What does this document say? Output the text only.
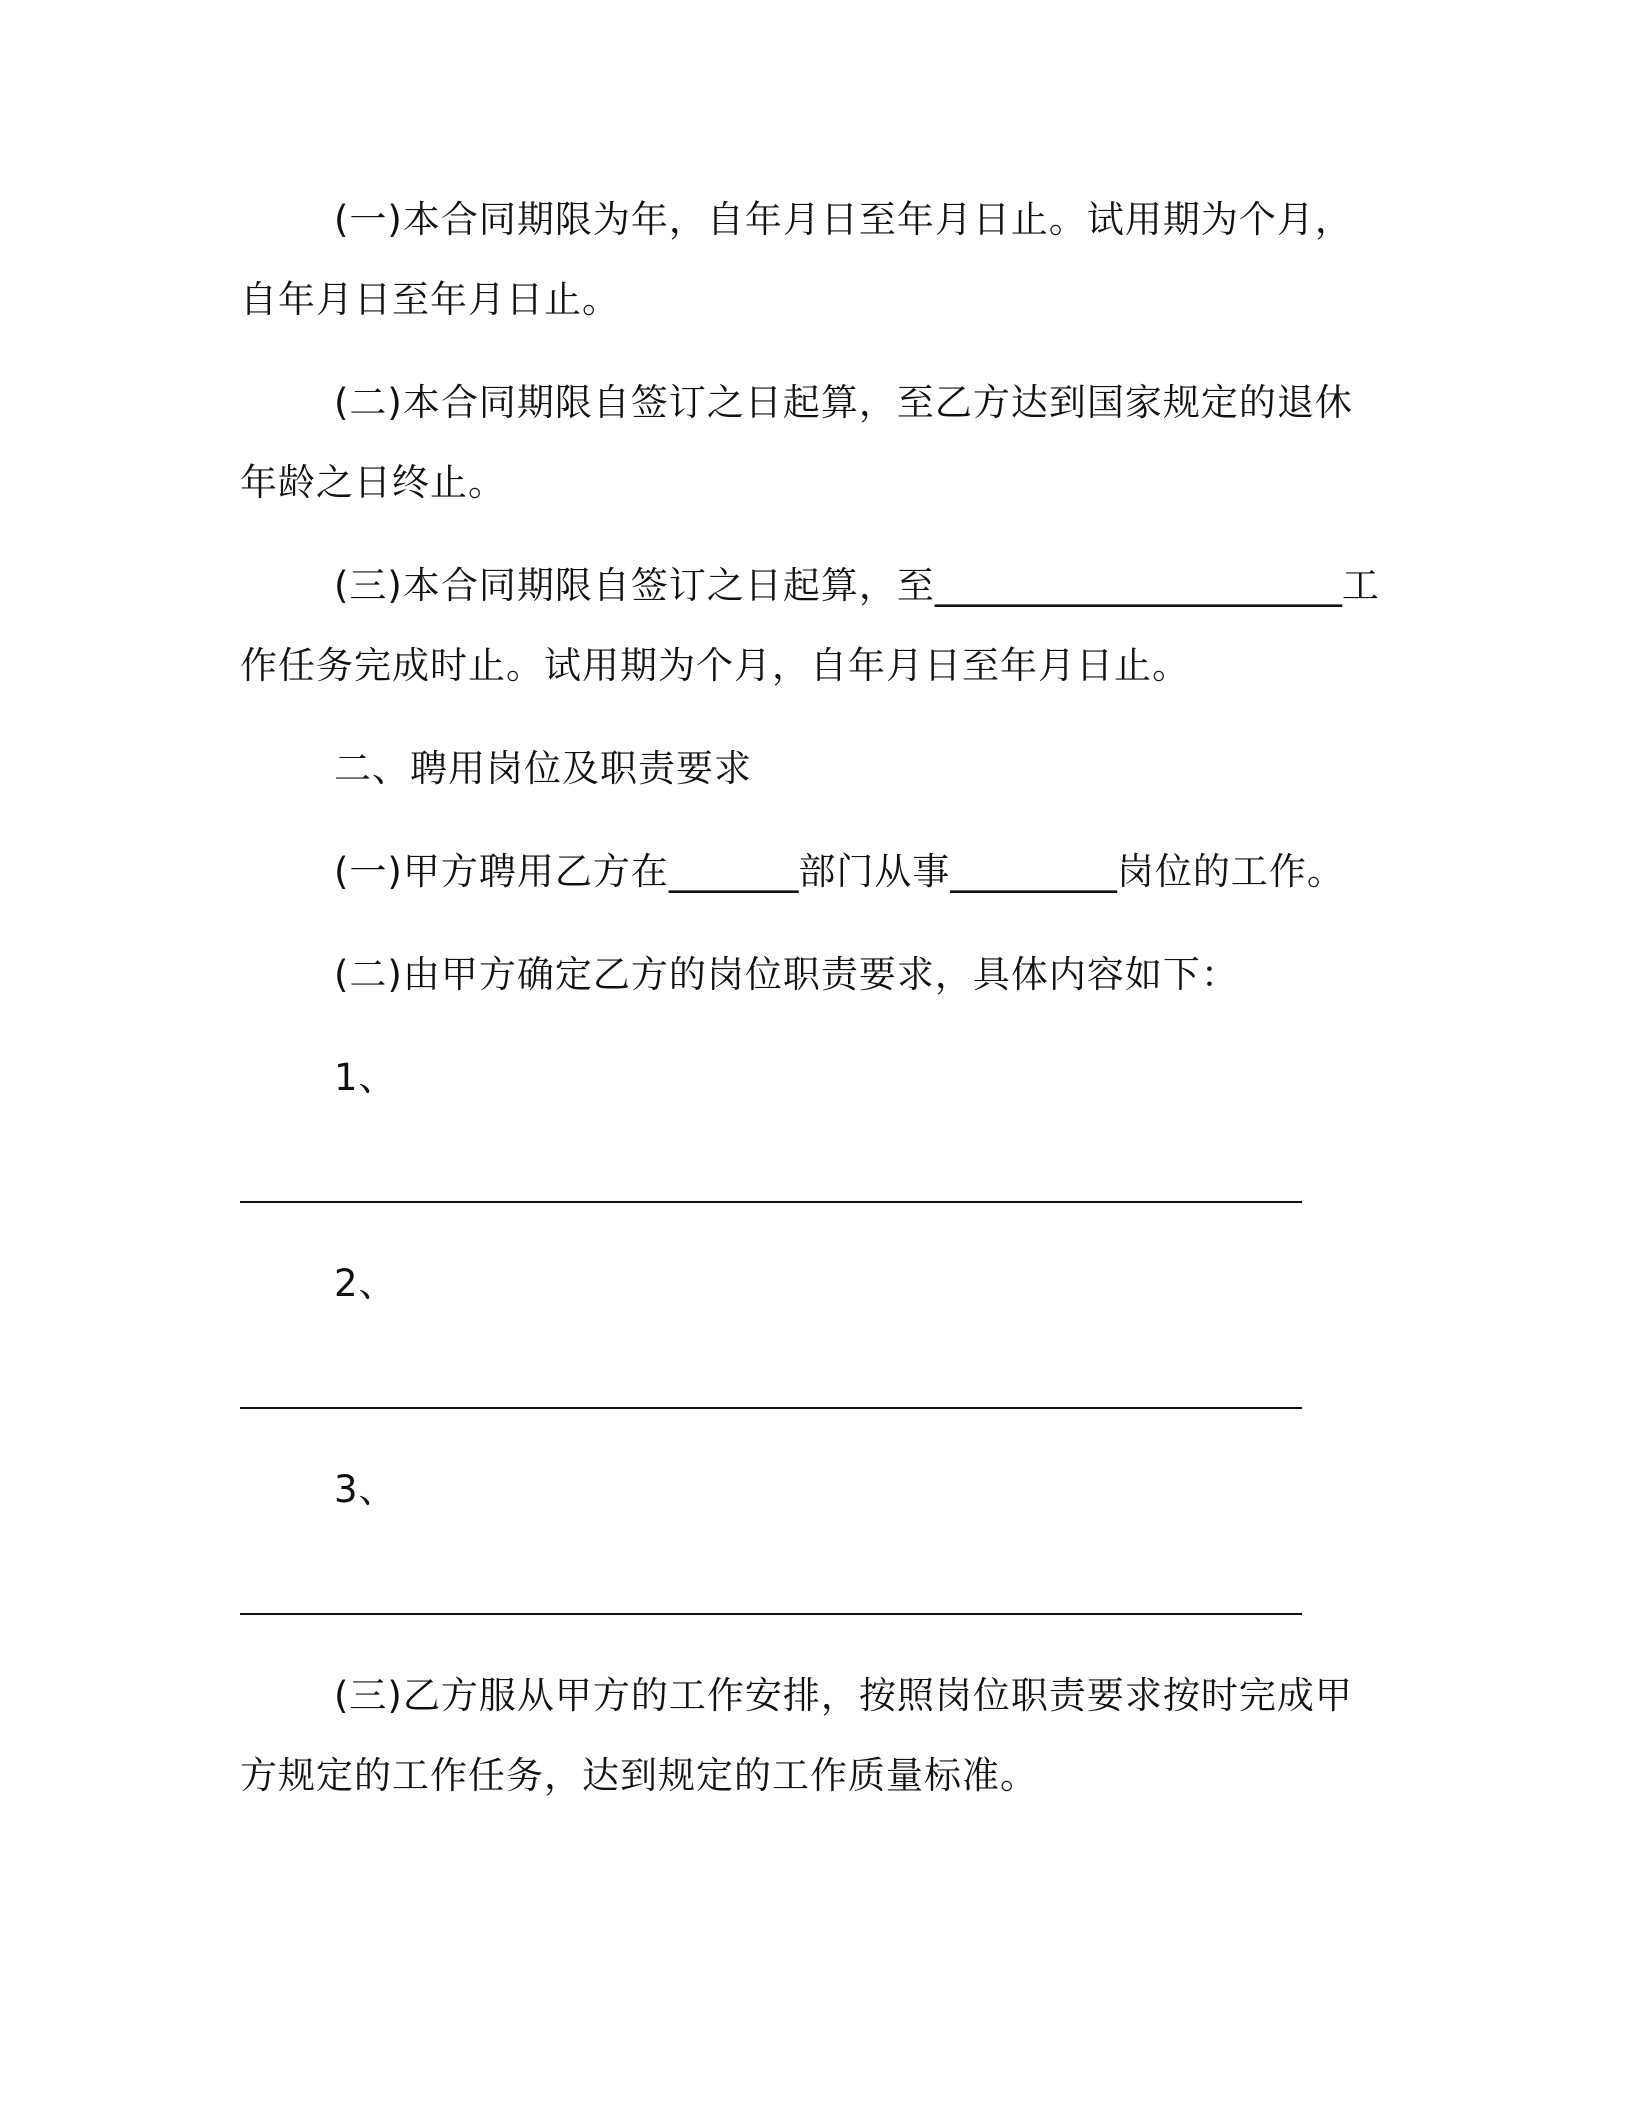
(一)本合同期限为年，自年月日至年月日止。试用期为个月，自年月日至年月日止。

(二)本合同期限自签订之日起算，至乙方达到国家规定的退休年龄之日终止。

(三)本合同期限自签订之日起算，至______________________工作任务完成时止。试用期为个月，自年月日至年月日止。

二、聘用岗位及职责要求

(一)甲方聘用乙方在_______部门从事_________岗位的工作。

(二)由甲方确定乙方的岗位职责要求，具体内容如下：

1、

2、

3、

(三)乙方服从甲方的工作安排，按照岗位职责要求按时完成甲方规定的工作任务，达到规定的工作质量标准。
